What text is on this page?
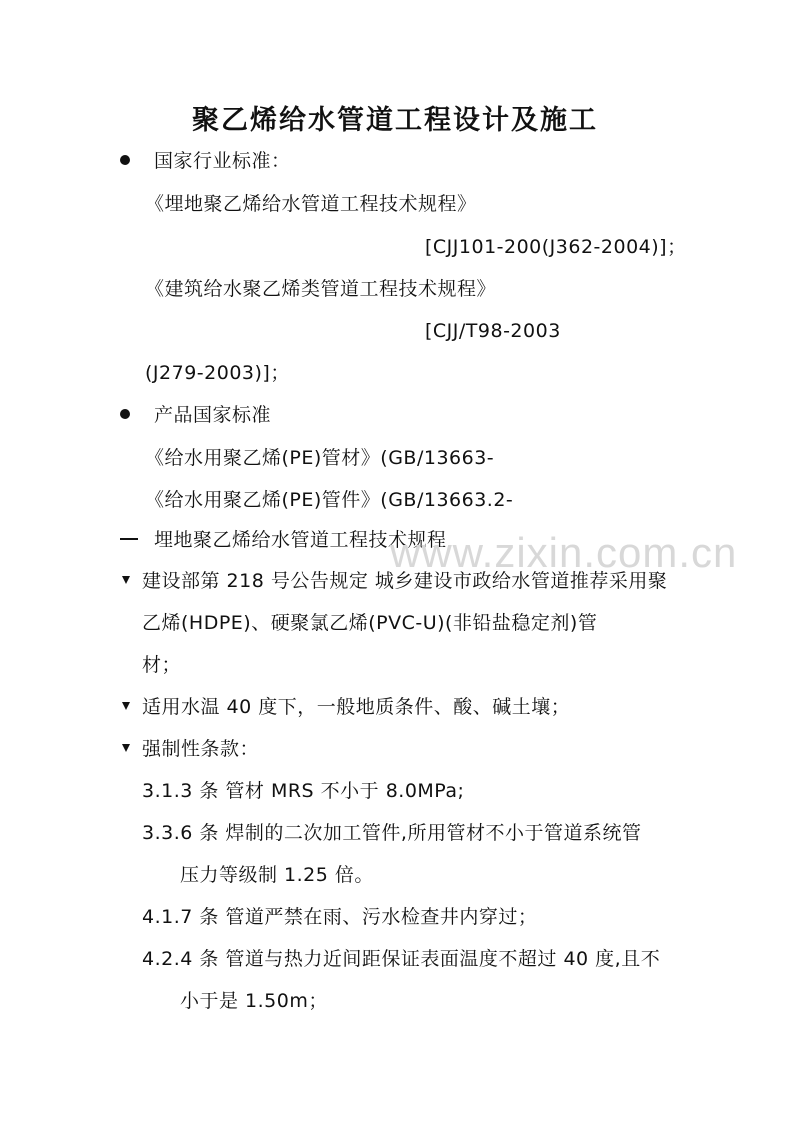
聚乙烯给水管道工程设计及施工
国家行业标准：
《埋地聚乙烯给水管道工程技术规程》
[CJJ101-200(J362-2004)]；
《建筑给水聚乙烯类管道工程技术规程》
[CJJ/T98-2003
(J279-2003)]；
产品国家标准
《给水用聚乙烯(PE)管材》(GB/13663-
《给水用聚乙烯(PE)管件》(GB/13663.2-
埋地聚乙烯给水管道工程技术规程
建设部第 218 号公告规定 城乡建设市政给水管道推荐采用聚
乙烯(HDPE)、硬聚氯乙烯(PVC-U)(非铅盐稳定剂)管
材；
适用水温 40 度下，一般地质条件、酸、碱土壤；
强制性条款：
3.1.3 条 管材 MRS 不小于 8.0MPa;
3.3.6 条 焊制的二次加工管件,所用管材不小于管道系统管
压力等级制 1.25 倍。
4.1.7 条 管道严禁在雨、污水检查井内穿过；
4.2.4 条 管道与热力近间距保证表面温度不超过 40 度,且不
小于是 1.50m；
www.zixin.com.cn
